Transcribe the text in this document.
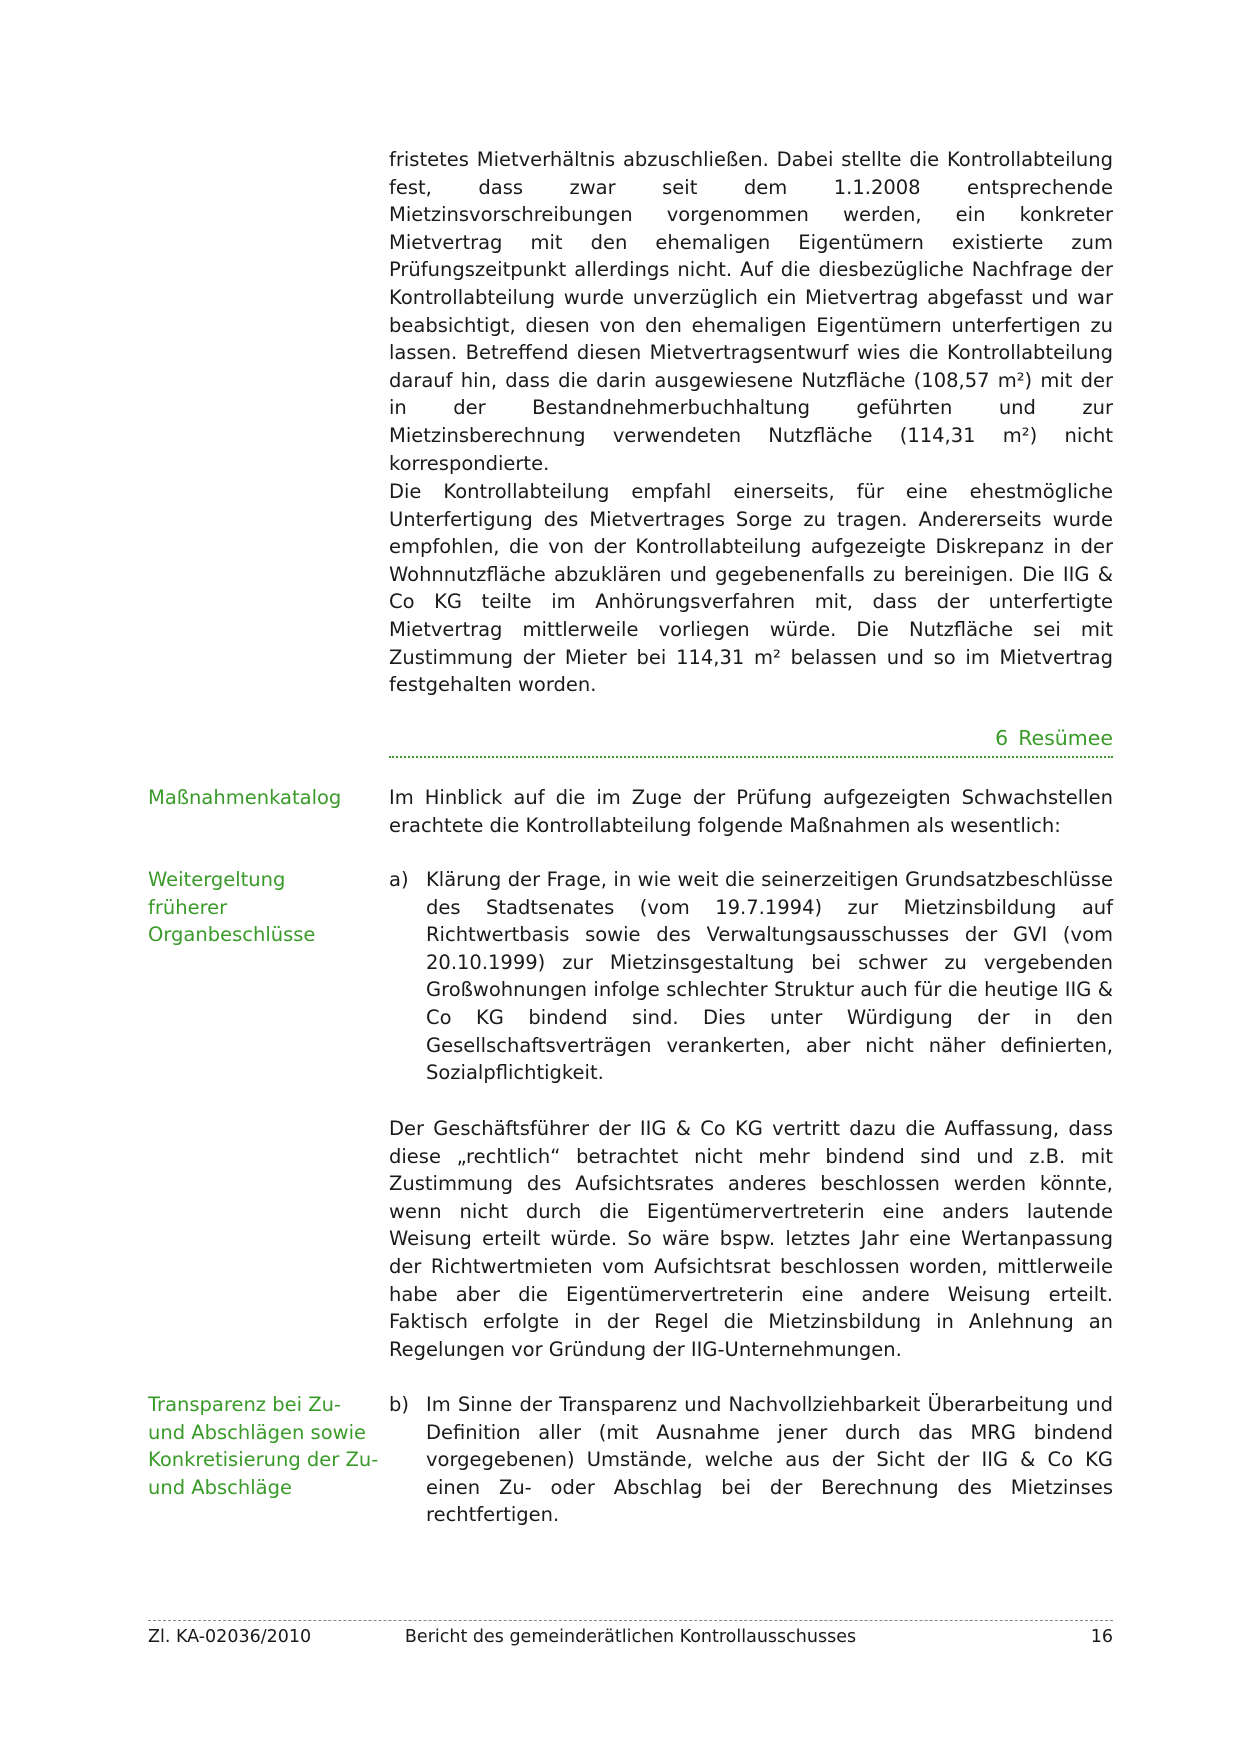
fristetes Mietverhältnis abzuschließen. Dabei stellte die Kontrollabteilung fest, dass zwar seit dem 1.1.2008 entsprechende Mietzinsvorschreibungen vorgenommen werden, ein konkreter Mietvertrag mit den ehemaligen Eigentümern existierte zum Prüfungszeitpunkt allerdings nicht. Auf die diesbezügliche Nachfrage der Kontrollabteilung wurde unverzüglich ein Mietvertrag abgefasst und war beabsichtigt, diesen von den ehemaligen Eigentümern unterfertigen zu lassen. Betreffend diesen Mietvertragsentwurf wies die Kontrollabteilung darauf hin, dass die darin ausgewiesene Nutzfläche (108,57 m²) mit der in der Bestandnehmerbuchhaltung geführten und zur Mietzinsberechnung verwendeten Nutzfläche (114,31 m²) nicht korrespondierte.

Die Kontrollabteilung empfahl einerseits, für eine ehestmögliche Unterfertigung des Mietvertrages Sorge zu tragen. Andererseits wurde empfohlen, die von der Kontrollabteilung aufgezeigte Diskrepanz in der Wohnnutzfläche abzuklären und gegebenenfalls zu bereinigen. Die IIG & Co KG teilte im Anhörungsverfahren mit, dass der unterfertigte Mietvertrag mittlerweile vorliegen würde. Die Nutzfläche sei mit Zustimmung der Mieter bei 114,31 m² belassen und so im Mietvertrag festgehalten worden.

6 Resümee

Maßnahmenkatalog	Im Hinblick auf die im Zuge der Prüfung aufgezeigten Schwachstellen erachtete die Kontrollabteilung folgende Maßnahmen als wesentlich:

Weitergeltung früherer Organbeschlüsse

a) Klärung der Frage, in wie weit die seinerzeitigen Grundsatzbeschlüsse des Stadtsenates (vom 19.7.1994) zur Mietzinsbildung auf Richtwertbasis sowie des Verwaltungsausschusses der GVI (vom 20.10.1999) zur Mietzinsgestaltung bei schwer zu vergebenden Großwohnungen infolge schlechter Struktur auch für die heutige IIG & Co KG bindend sind. Dies unter Würdigung der in den Gesellschaftsverträgen verankerten, aber nicht näher definierten, Sozialpflichtigkeit.

Der Geschäftsführer der IIG & Co KG vertritt dazu die Auffassung, dass diese „rechtlich“ betrachtet nicht mehr bindend sind und z.B. mit Zustimmung des Aufsichtsrates anderes beschlossen werden könnte, wenn nicht durch die Eigentümervertreterin eine anders lautende Weisung erteilt würde. So wäre bspw. letztes Jahr eine Wertanpassung der Richtwertmieten vom Aufsichtsrat beschlossen worden, mittlerweile habe aber die Eigentümervertreterin eine andere Weisung erteilt. Faktisch erfolgte in der Regel die Mietzinsbildung in Anlehnung an Regelungen vor Gründung der IIG-Unternehmungen.

Transparenz bei Zu- und Abschlägen sowie Konkretisierung der Zu- und Abschläge

b) Im Sinne der Transparenz und Nachvollziehbarkeit Überarbeitung und Definition aller (mit Ausnahme jener durch das MRG bindend vorgegebenen) Umstände, welche aus der Sicht der IIG & Co KG einen Zu- oder Abschlag bei der Berechnung des Mietzinses rechtfertigen.
Zl. KA-02036/2010	Bericht des gemeinderätlichen Kontrollausschusses	16
